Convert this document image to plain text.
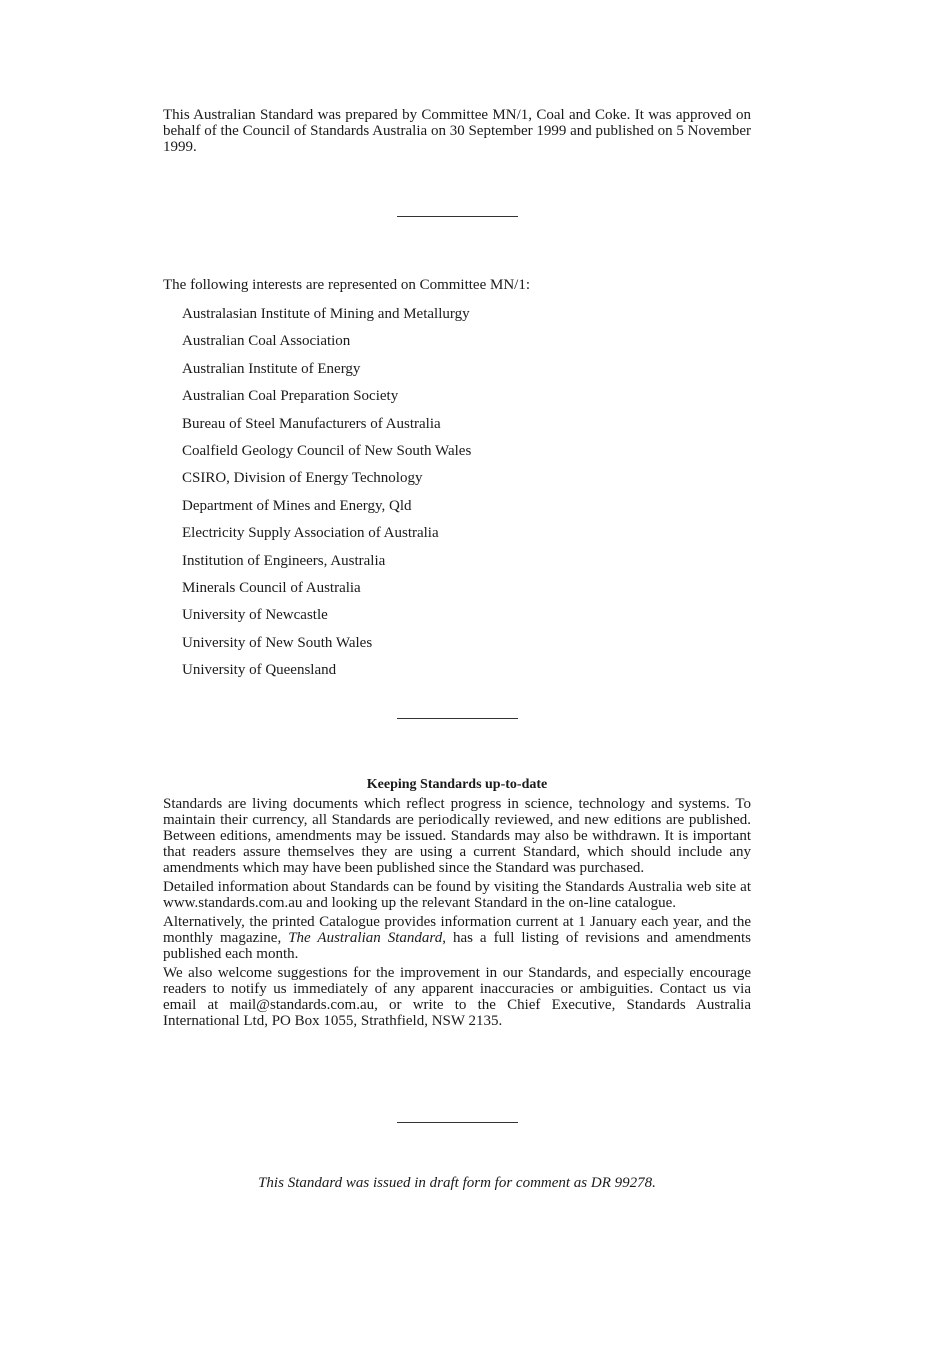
This Australian Standard was prepared by Committee MN/1, Coal and Coke. It was approved on behalf of the Council of Standards Australia on 30 September 1999 and published on 5 November 1999.

The following interests are represented on Committee MN/1:

Australasian Institute of Mining and Metallurgy
Australian Coal Association
Australian Institute of Energy
Australian Coal Preparation Society
Bureau of Steel Manufacturers of Australia
Coalfield Geology Council of New South Wales
CSIRO, Division of Energy Technology
Department of Mines and Energy, Qld
Electricity Supply Association of Australia
Institution of Engineers, Australia
Minerals Council of Australia
University of Newcastle
University of New South Wales
University of Queensland
Keeping Standards up-to-date

Standards are living documents which reflect progress in science, technology and systems. To maintain their currency, all Standards are periodically reviewed, and new editions are published. Between editions, amendments may be issued. Standards may also be withdrawn. It is important that readers assure themselves they are using a current Standard, which should include any amendments which may have been published since the Standard was purchased.

Detailed information about Standards can be found by visiting the Standards Australia web site at www.standards.com.au and looking up the relevant Standard in the on-line catalogue.

Alternatively, the printed Catalogue provides information current at 1 January each year, and the monthly magazine, The Australian Standard, has a full listing of revisions and amendments published each month.

We also welcome suggestions for the improvement in our Standards, and especially encourage readers to notify us immediately of any apparent inaccuracies or ambiguities. Contact us via email at mail@standards.com.au, or write to the Chief Executive, Standards Australia International Ltd, PO Box 1055, Strathfield, NSW 2135.

This Standard was issued in draft form for comment as DR 99278.
